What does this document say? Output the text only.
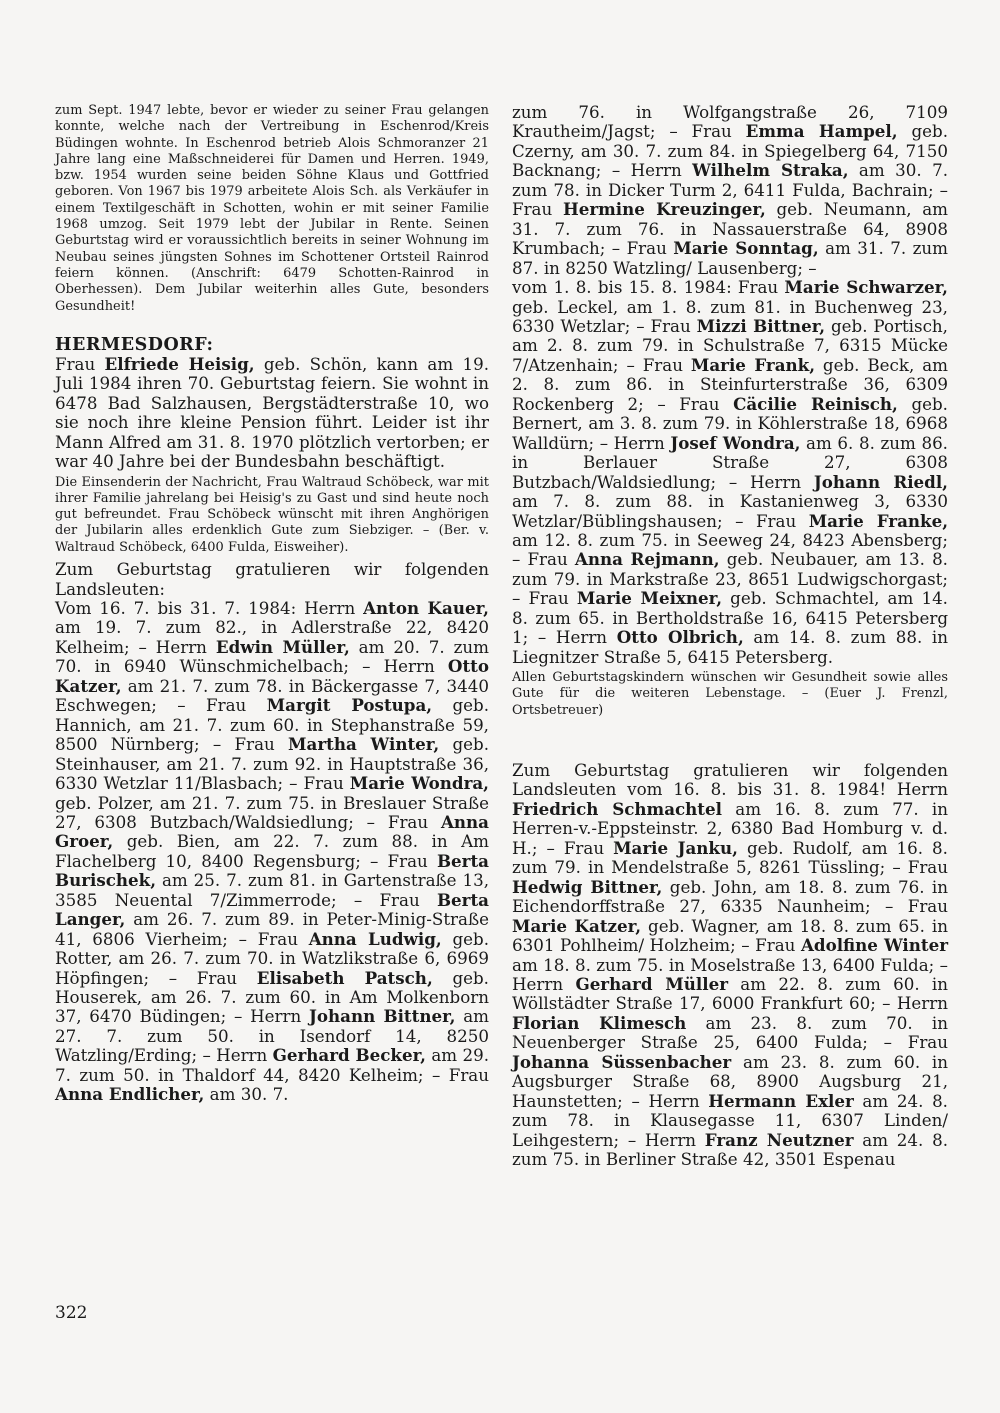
zum Sept. 1947 lebte, bevor er wieder zu seiner Frau gelangen konnte, welche nach der Vertreibung in Eschenrod/Kreis Büdingen wohnte. In Eschenrod betrieb Alois Schmoranzer 21 Jahre lang eine Maßschneiderei für Damen und Herren. 1949, bzw. 1954 wurden seine beiden Söhne Klaus und Gottfried geboren. Von 1967 bis 1979 arbeitete Alois Sch. als Verkäufer in einem Textilgeschäft in Schotten, wohin er mit seiner Familie 1968 umzog. Seit 1979 lebt der Jubilar in Rente. Seinen Geburtstag wird er voraussichtlich bereits in seiner Wohnung im Neubau seines jüngsten Sohnes im Schottener Ortsteil Rainrod feiern können. (Anschrift: 6479 Schotten-Rainrod in Oberhessen). Dem Jubilar weiterhin alles Gute, besonders Gesundheit!

HERMESDORF:

Frau Elfriede Heisig, geb. Schön, kann am 19. Juli 1984 ihren 70. Geburtstag feiern. Sie wohnt in 6478 Bad Salzhausen, Bergstädterstraße 10, wo sie noch ihre kleine Pension führt. Leider ist ihr Mann Alfred am 31. 8. 1970 plötzlich vertorben; er war 40 Jahre bei der Bundesbahn beschäftigt.

Die Einsenderin der Nachricht, Frau Waltraud Schöbeck, war mit ihrer Familie jahrelang bei Heisig's zu Gast und sind heute noch gut befreundet. Frau Schöbeck wünscht mit ihren Anghörigen der Jubilarin alles erdenklich Gute zum Siebziger. – (Ber. v. Waltraud Schöbeck, 6400 Fulda, Eisweiher).

Zum Geburtstag gratulieren wir folgenden Landsleuten:
Vom 16. 7. bis 31. 7. 1984: Herrn Anton Kauer, am 19. 7. zum 82., in Adlerstraße 22, 8420 Kelheim; – Herrn Edwin Müller, am 20. 7. zum 70. in 6940 Wünschmichelbach; – Herrn Otto Katzer, am 21. 7. zum 78. in Bäckergasse 7, 3440 Eschwegen; – Frau Margit Postupa, geb. Hannich, am 21. 7. zum 60. in Stephanstraße 59, 8500 Nürnberg; – Frau Martha Winter, geb. Steinhauser, am 21. 7. zum 92. in Hauptstraße 36, 6330 Wetzlar 11/Blasbach; – Frau Marie Wondra, geb. Polzer, am 21. 7. zum 75. in Breslauer Straße 27, 6308 Butzbach/Waldsiedlung; – Frau Anna Groer, geb. Bien, am 22. 7. zum 88. in Am Flachelberg 10, 8400 Regensburg; – Frau Berta Burischek, am 25. 7. zum 81. in Gartenstraße 13, 3585 Neuental 7/Zimmerrode; – Frau Berta Langer, am 26. 7. zum 89. in Peter-Minig-Straße 41, 6806 Vierheim; – Frau Anna Ludwig, geb. Rotter, am 26. 7. zum 70. in Watzlikstraße 6, 6969 Höpfingen; – Frau Elisabeth Patsch, geb. Houserek, am 26. 7. zum 60. in Am Molkenborn 37, 6470 Büdingen; – Herrn Johann Bittner, am 27. 7. zum 50. in Isendorf 14, 8250 Watzling/Erding; – Herrn Gerhard Becker, am 29. 7. zum 50. in Thaldorf 44, 8420 Kelheim; – Frau Anna Endlicher, am 30. 7.

zum 76. in Wolfgangstraße 26, 7109 Krautheim/Jagst; – Frau Emma Hampel, geb. Czerny, am 30. 7. zum 84. in Spiegelberg 64, 7150 Backnang; – Herrn Wilhelm Straka, am 30. 7. zum 78. in Dicker Turm 2, 6411 Fulda, Bachrain; – Frau Hermine Kreuzinger, geb. Neumann, am 31. 7. zum 76. in Nassauerstraße 64, 8908 Krumbach; – Frau Marie Sonntag, am 31. 7. zum 87. in 8250 Watzling/ Lausenberg; –
vom 1. 8. bis 15. 8. 1984: Frau Marie Schwarzer, geb. Leckel, am 1. 8. zum 81. in Buchenweg 23, 6330 Wetzlar; – Frau Mizzi Bittner, geb. Portisch, am 2. 8. zum 79. in Schulstraße 7, 6315 Mücke 7/Atzenhain; – Frau Marie Frank, geb. Beck, am 2. 8. zum 86. in Steinfurterstraße 36, 6309 Rockenberg 2; – Frau Cäcilie Reinisch, geb. Bernert, am 3. 8. zum 79. in Köhlerstraße 18, 6968 Walldürn; – Herrn Josef Wondra, am 6. 8. zum 86. in Berlauer Straße 27, 6308 Butzbach/Waldsiedlung; – Herrn Johann Riedl, am 7. 8. zum 88. in Kastanienweg 3, 6330 Wetzlar/Büblingshausen; – Frau Marie Franke, am 12. 8. zum 75. in Seeweg 24, 8423 Abensberg; – Frau Anna Rejmann, geb. Neubauer, am 13. 8. zum 79. in Markstraße 23, 8651 Ludwigschorgast; – Frau Marie Meixner, geb. Schmachtel, am 14. 8. zum 65. in Bertholdstraße 16, 6415 Petersberg 1; – Herrn Otto Olbrich, am 14. 8. zum 88. in Liegnitzer Straße 5, 6415 Petersberg.

Allen Geburtstagskindern wünschen wir Gesundheit sowie alles Gute für die weiteren Lebenstage. – (Euer J. Frenzl, Ortsbetreuer)

Zum Geburtstag gratulieren wir folgenden Landsleuten vom 16. 8. bis 31. 8. 1984! Herrn Friedrich Schmachtel am 16. 8. zum 77. in Herren-v.-Eppsteinstr. 2, 6380 Bad Homburg v. d. H.; – Frau Marie Janku, geb. Rudolf, am 16. 8. zum 79. in Mendelstraße 5, 8261 Tüssling; – Frau Hedwig Bittner, geb. John, am 18. 8. zum 76. in Eichendorffstraße 27, 6335 Naunheim; – Frau Marie Katzer, geb. Wagner, am 18. 8. zum 65. in 6301 Pohlheim/ Holzheim; – Frau Adolfine Winter am 18. 8. zum 75. in Moselstraße 13, 6400 Fulda; – Herrn Gerhard Müller am 22. 8. zum 60. in Wöllstädter Straße 17, 6000 Frankfurt 60; – Herrn Florian Klimesch am 23. 8. zum 70. in Neuenberger Straße 25, 6400 Fulda; – Frau Johanna Süssenbacher am 23. 8. zum 60. in Augsburger Straße 68, 8900 Augsburg 21, Haunstetten; – Herrn Hermann Exler am 24. 8. zum 78. in Klausegasse 11, 6307 Linden/ Leihgestern; – Herrn Franz Neutzner am 24. 8. zum 75. in Berliner Straße 42, 3501 Espenau

322
